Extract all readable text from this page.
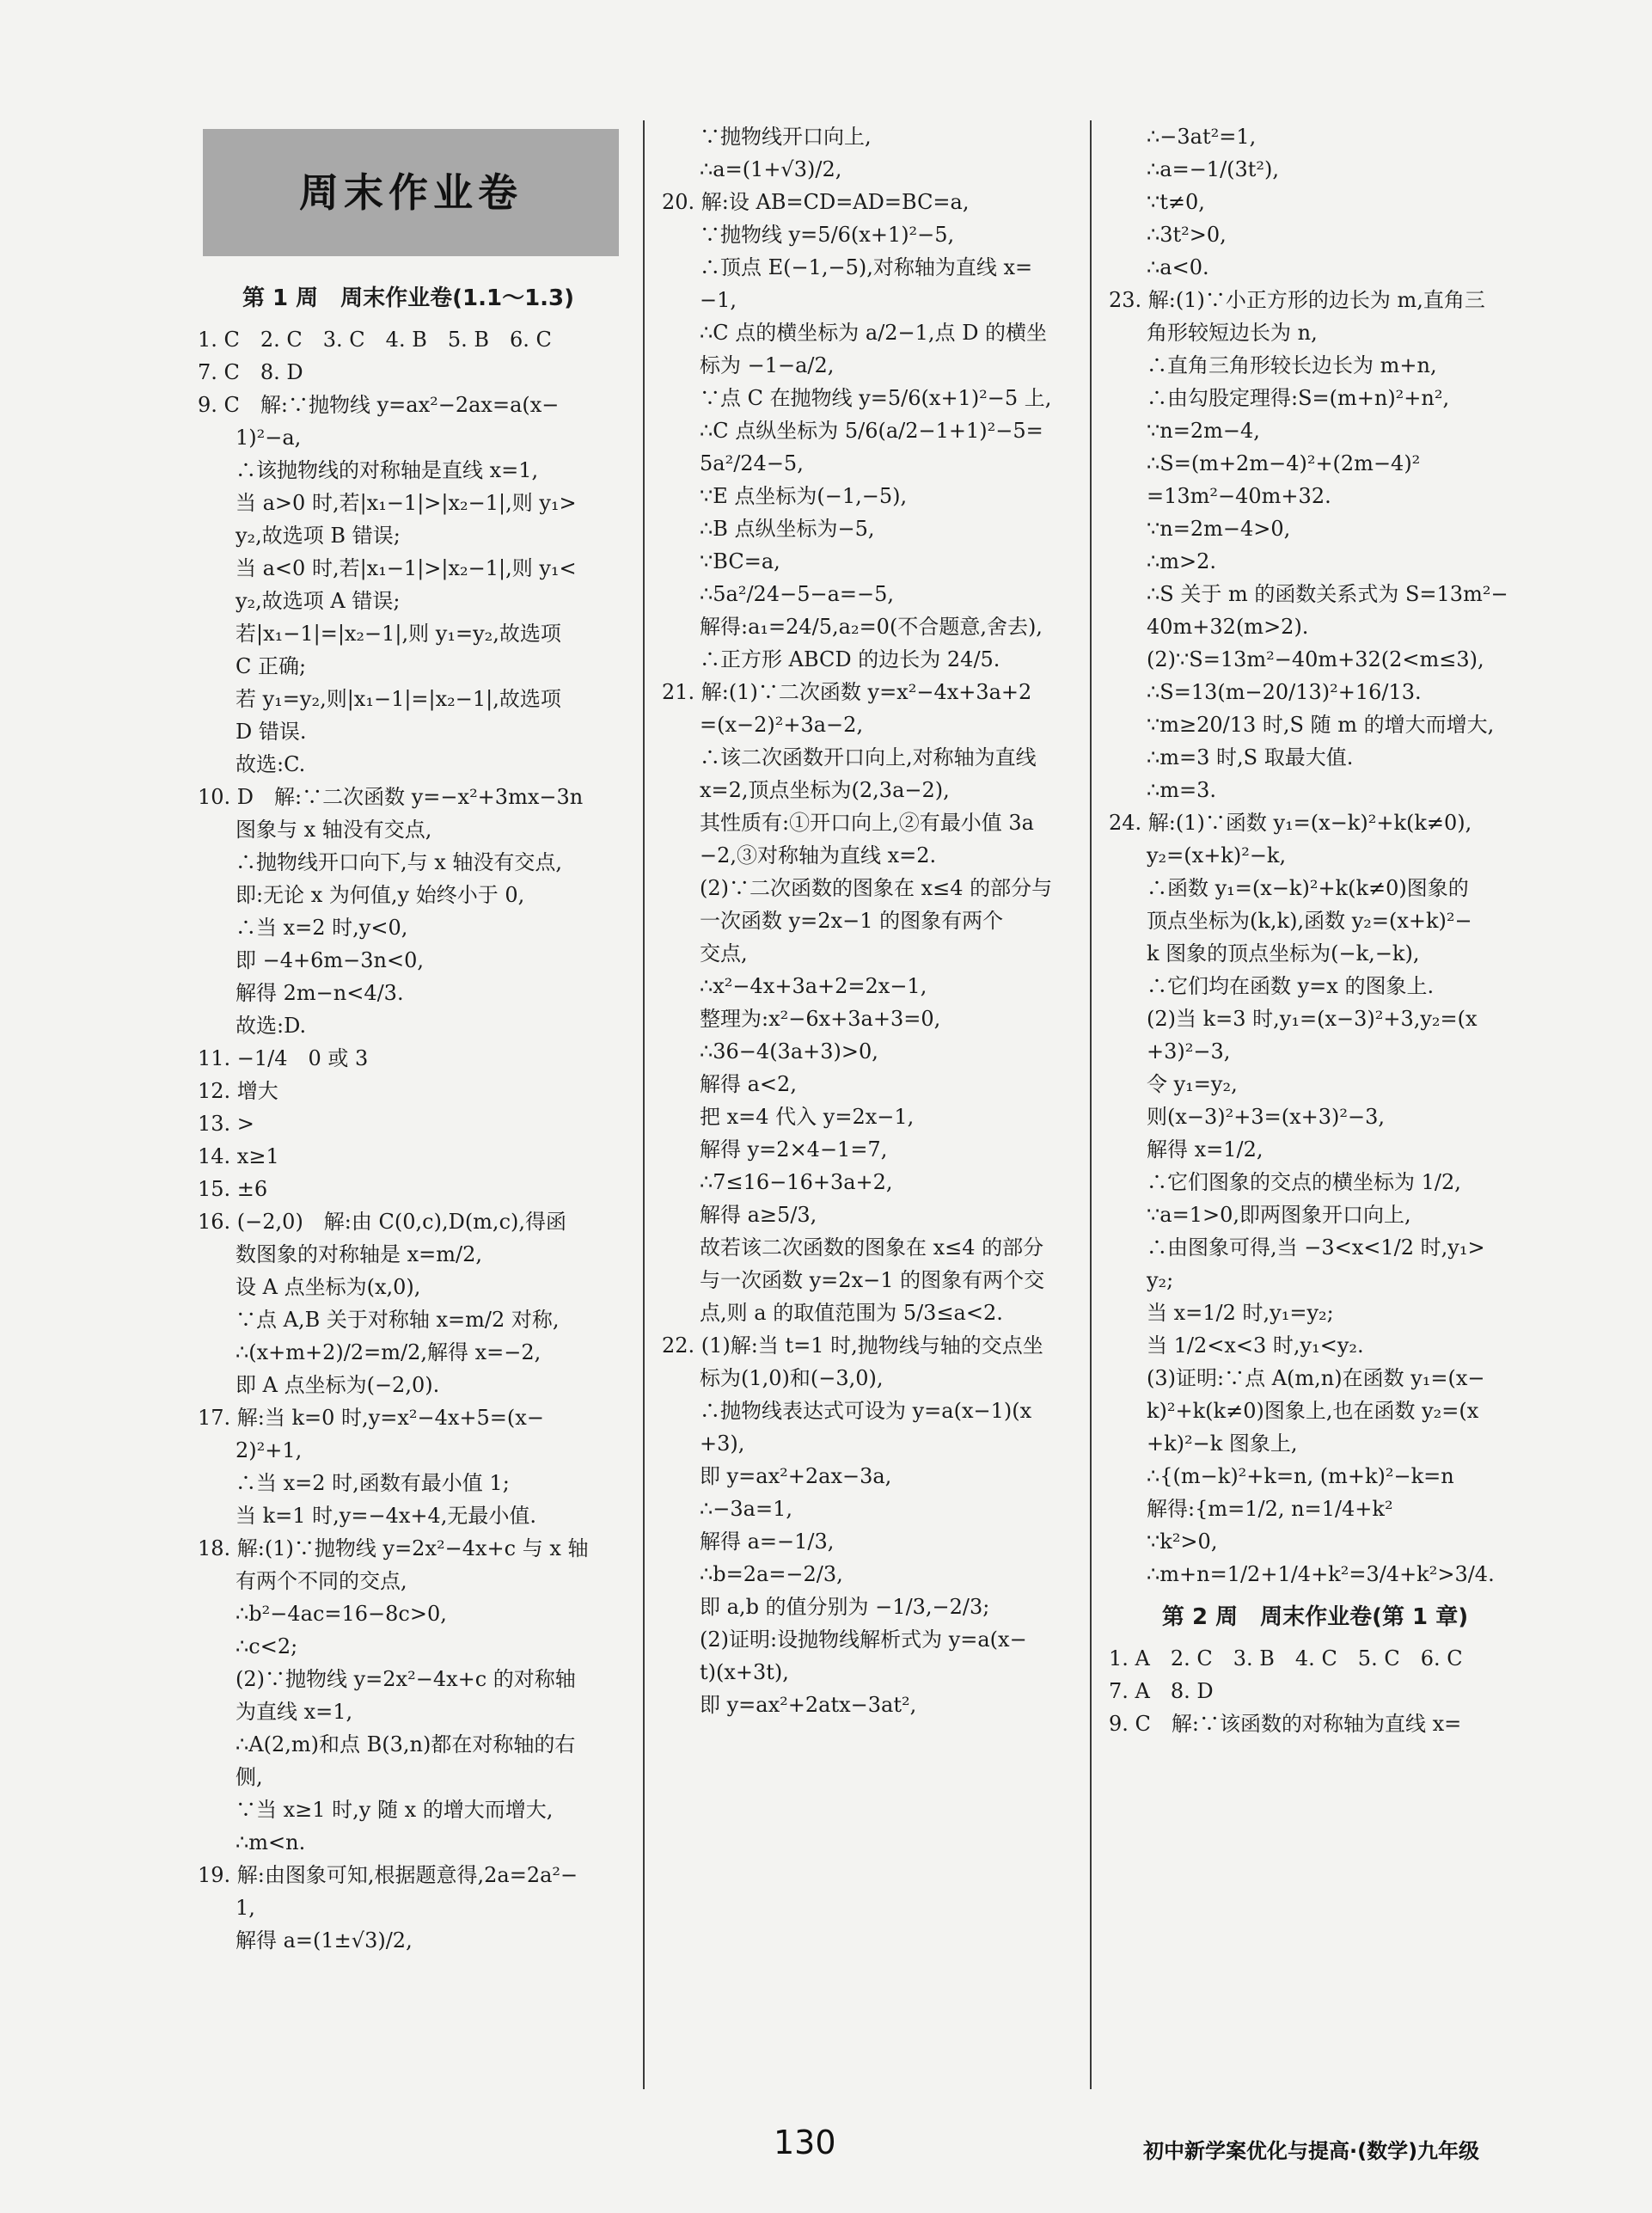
周末作业卷
第 1 周　周末作业卷(1.1～1.3)
1. C　2. C　3. C　4. B　5. B　6. C
7. C　8. D
9. C　解:∵抛物线 y=ax²−2ax=a(x−
1)²−a,
∴该抛物线的对称轴是直线 x=1,
当 a>0 时,若|x₁−1|>|x₂−1|,则 y₁>
y₂,故选项 B 错误;
当 a<0 时,若|x₁−1|>|x₂−1|,则 y₁<
y₂,故选项 A 错误;
若|x₁−1|=|x₂−1|,则 y₁=y₂,故选项
C 正确;
若 y₁=y₂,则|x₁−1|=|x₂−1|,故选项
D 错误.
故选:C.
10. D　解:∵二次函数 y=−x²+3mx−3n
图象与 x 轴没有交点,
∴抛物线开口向下,与 x 轴没有交点,
即:无论 x 为何值,y 始终小于 0,
∴当 x=2 时,y<0,
即 −4+6m−3n<0,
解得 2m−n<4/3.
故选:D.
11. −1/4　0 或 3
12. 增大
13. >
14. x≥1
15. ±6
16. (−2,0)　解:由 C(0,c),D(m,c),得函
数图象的对称轴是 x=m/2,
设 A 点坐标为(x,0),
∵点 A,B 关于对称轴 x=m/2 对称,
∴(x+m+2)/2=m/2,解得 x=−2,
即 A 点坐标为(−2,0).
17. 解:当 k=0 时,y=x²−4x+5=(x−
2)²+1,
∴当 x=2 时,函数有最小值 1;
当 k=1 时,y=−4x+4,无最小值.
18. 解:(1)∵抛物线 y=2x²−4x+c 与 x 轴
有两个不同的交点,
∴b²−4ac=16−8c>0,
∴c<2;
(2)∵抛物线 y=2x²−4x+c 的对称轴
为直线 x=1,
∴A(2,m)和点 B(3,n)都在对称轴的右
侧,
∵当 x≥1 时,y 随 x 的增大而增大,
∴m<n.
19. 解:由图象可知,根据题意得,2a=2a²−
1,
解得 a=(1±√3)/2,
∵抛物线开口向上,
∴a=(1+√3)/2,
20. 解:设 AB=CD=AD=BC=a,
∵抛物线 y=5/6(x+1)²−5,
∴顶点 E(−1,−5),对称轴为直线 x=
−1,
∴C 点的横坐标为 a/2−1,点 D 的横坐
标为 −1−a/2,
∵点 C 在抛物线 y=5/6(x+1)²−5 上,
∴C 点纵坐标为 5/6(a/2−1+1)²−5=
5a²/24−5,
∵E 点坐标为(−1,−5),
∴B 点纵坐标为−5,
∵BC=a,
∴5a²/24−5−a=−5,
解得:a₁=24/5,a₂=0(不合题意,舍去),
∴正方形 ABCD 的边长为 24/5.
21. 解:(1)∵二次函数 y=x²−4x+3a+2
=(x−2)²+3a−2,
∴该二次函数开口向上,对称轴为直线
x=2,顶点坐标为(2,3a−2),
其性质有:①开口向上,②有最小值 3a
−2,③对称轴为直线 x=2.
(2)∵二次函数的图象在 x≤4 的部分与
一次函数 y=2x−1 的图象有两个
交点,
∴x²−4x+3a+2=2x−1,
整理为:x²−6x+3a+3=0,
∴36−4(3a+3)>0,
解得 a<2,
把 x=4 代入 y=2x−1,
解得 y=2×4−1=7,
∴7≤16−16+3a+2,
解得 a≥5/3,
故若该二次函数的图象在 x≤4 的部分
与一次函数 y=2x−1 的图象有两个交
点,则 a 的取值范围为 5/3≤a<2.
22. (1)解:当 t=1 时,抛物线与轴的交点坐
标为(1,0)和(−3,0),
∴抛物线表达式可设为 y=a(x−1)(x
+3),
即 y=ax²+2ax−3a,
∴−3a=1,
解得 a=−1/3,
∴b=2a=−2/3,
即 a,b 的值分别为 −1/3,−2/3;
(2)证明:设抛物线解析式为 y=a(x−
t)(x+3t),
即 y=ax²+2atx−3at²,
∴−3at²=1,
∴a=−1/(3t²),
∵t≠0,
∴3t²>0,
∴a<0.
23. 解:(1)∵小正方形的边长为 m,直角三
角形较短边长为 n,
∴直角三角形较长边长为 m+n,
∴由勾股定理得:S=(m+n)²+n²,
∵n=2m−4,
∴S=(m+2m−4)²+(2m−4)²
=13m²−40m+32.
∵n=2m−4>0,
∴m>2.
∴S 关于 m 的函数关系式为 S=13m²−
40m+32(m>2).
(2)∵S=13m²−40m+32(2<m≤3),
∴S=13(m−20/13)²+16/13.
∵m≥20/13 时,S 随 m 的增大而增大,
∴m=3 时,S 取最大值.
∴m=3.
24. 解:(1)∵函数 y₁=(x−k)²+k(k≠0),
y₂=(x+k)²−k,
∴函数 y₁=(x−k)²+k(k≠0)图象的
顶点坐标为(k,k),函数 y₂=(x+k)²−
k 图象的顶点坐标为(−k,−k),
∴它们均在函数 y=x 的图象上.
(2)当 k=3 时,y₁=(x−3)²+3,y₂=(x
+3)²−3,
令 y₁=y₂,
则(x−3)²+3=(x+3)²−3,
解得 x=1/2,
∴它们图象的交点的横坐标为 1/2,
∵a=1>0,即两图象开口向上,
∴由图象可得,当 −3<x<1/2 时,y₁>
y₂;
当 x=1/2 时,y₁=y₂;
当 1/2<x<3 时,y₁<y₂.
(3)证明:∵点 A(m,n)在函数 y₁=(x−
k)²+k(k≠0)图象上,也在函数 y₂=(x
+k)²−k 图象上,
∴{(m−k)²+k=n, (m+k)²−k=n
解得:{m=1/2, n=1/4+k²
∵k²>0,
∴m+n=1/2+1/4+k²=3/4+k²>3/4.
第 2 周　周末作业卷(第 1 章)
1. A　2. C　3. B　4. C　5. C　6. C
7. A　8. D
9. C　解:∵该函数的对称轴为直线 x=
130	初中新学案优化与提高·(数学)九年级
